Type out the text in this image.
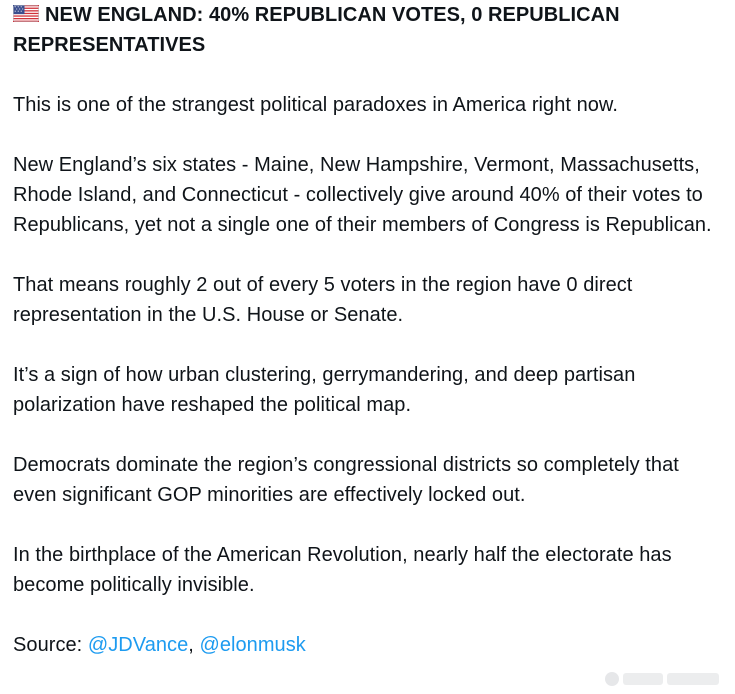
NEW ENGLAND: 40% REPUBLICAN VOTES, 0 REPUBLICAN REPRESENTATIVES

This is one of the strangest political paradoxes in America right now.

New England’s six states - Maine, New Hampshire, Vermont, Massachusetts, Rhode Island, and Connecticut - collectively give around 40% of their votes to Republicans, yet not a single one of their members of Congress is Republican.

That means roughly 2 out of every 5 voters in the region have 0 direct representation in the U.S. House or Senate.

It’s a sign of how urban clustering, gerrymandering, and deep partisan polarization have reshaped the political map.

Democrats dominate the region’s congressional districts so completely that even significant GOP minorities are effectively locked out.

In the birthplace of the American Revolution, nearly half the electorate has become politically invisible.

Source: @JDVance, @elonmusk
